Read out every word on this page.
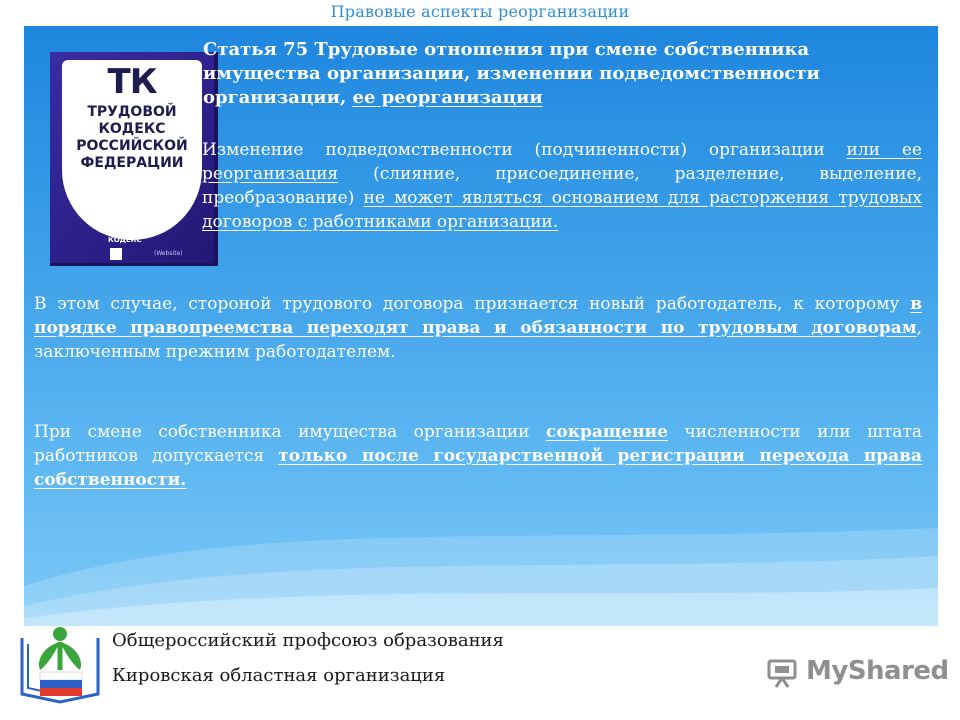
Правовые аспекты реорганизации
ТК
ТРУДОВОЙ
КОДЕКС
РОССИЙСКОЙ
ФЕДЕРАЦИИ
КОДЕКС
(Website)
Статья 75 Трудовые отношения при смене собственника имущества организации, изменении подведомственности организации, ее реорганизации
Изменение подведомственности (подчиненности) организации или ее реорганизация (слияние, присоединение, разделение, выделение, преобразование) не может являться основанием для расторжения трудовых договоров с работниками организации.
В этом случае, стороной трудового договора признается новый работодатель, к которому в порядке правопреемства переходят права и обязанности по трудовым договорам, заключенным прежним работодателем.
При смене собственника имущества организации сокращение численности или штата работников допускается только после государственной регистрации перехода права собственности.
Общероссийский профсоюз образования
Кировская областная организация	MyShared
